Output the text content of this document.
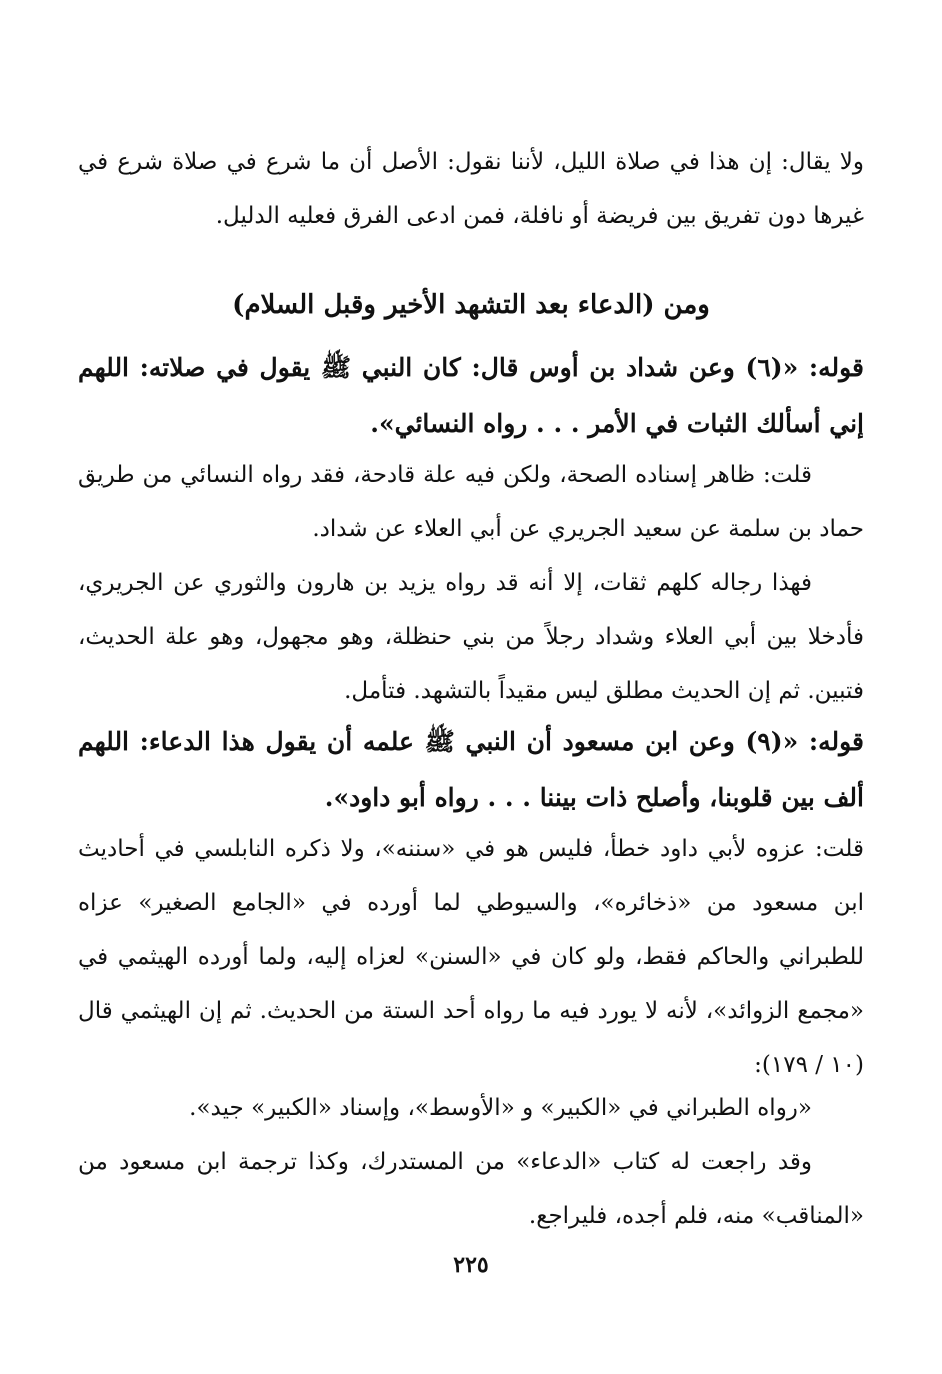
ولا يقال: إن هذا في صلاة الليل، لأننا نقول: الأصل أن ما شرع في صلاة شرع في غيرها دون تفريق بين فريضة أو نافلة، فمن ادعى الفرق فعليه الدليل.

ومن (الدعاء بعد التشهد الأخير وقبل السلام)

قوله: «(٦) وعن شداد بن أوس قال: كان النبي ﷺ يقول في صلاته: اللهم إني أسألك الثبات في الأمر . . . رواه النسائي».

قلت: ظاهر إسناده الصحة، ولكن فيه علة قادحة، فقد رواه النسائي من طريق حماد بن سلمة عن سعيد الجريري عن أبي العلاء عن شداد.

فهذا رجاله كلهم ثقات، إلا أنه قد رواه يزيد بن هارون والثوري عن الجريري، فأدخلا بين أبي العلاء وشداد رجلاً من بني حنظلة، وهو مجهول، وهو علة الحديث، فتبين. ثم إن الحديث مطلق ليس مقيداً بالتشهد. فتأمل.

قوله: «(٩) وعن ابن مسعود أن النبي ﷺ علمه أن يقول هذا الدعاء: اللهم ألف بين قلوبنا، وأصلح ذات بيننا . . . رواه أبو داود».

قلت: عزوه لأبي داود خطأ، فليس هو في «سننه»، ولا ذكره النابلسي في أحاديث ابن مسعود من «ذخائره»، والسيوطي لما أورده في «الجامع الصغير» عزاه للطبراني والحاكم فقط، ولو كان في «السنن» لعزاه إليه، ولما أورده الهيثمي في «مجمع الزوائد»، لأنه لا يورد فيه ما رواه أحد الستة من الحديث. ثم إن الهيثمي قال (١٠ / ١٧٩):

«رواه الطبراني في «الكبير» و «الأوسط»، وإسناد «الكبير» جيد».

وقد راجعت له كتاب «الدعاء» من المستدرك، وكذا ترجمة ابن مسعود من «المناقب» منه، فلم أجده، فليراجع.

٢٢٥
